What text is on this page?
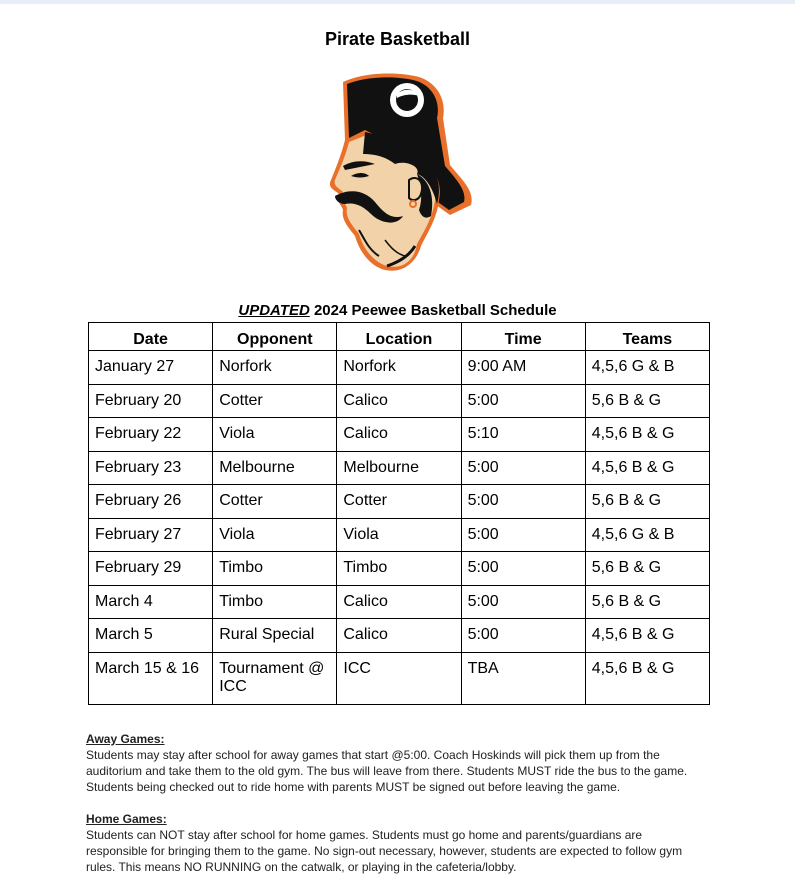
Pirate Basketball
UPDATED 2024 Peewee Basketball Schedule
Date	Opponent	Location	Time	Teams
January 27	Norfork	Norfork	9:00 AM	4,5,6 G & B
February 20	Cotter	Calico	5:00	5,6 B & G
February 22	Viola	Calico	5:10	4,5,6 B & G
February 23	Melbourne	Melbourne	5:00	4,5,6 B & G
February 26	Cotter	Cotter	5:00	5,6 B & G
February 27	Viola	Viola	5:00	4,5,6 G & B
February 29	Timbo	Timbo	5:00	5,6 B & G
March 4	Timbo	Calico	5:00	5,6 B & G
March 5	Rural Special	Calico	5:00	4,5,6 B & G
March 15 & 16	Tournament @ ICC	ICC	TBA	4,5,6 B & G

Away Games:

Students may stay after school for away games that start @5:00. Coach Hoskinds will pick them up from the

auditorium and take them to the old gym. The bus will leave from there. Students MUST ride the bus to the game.

Students being checked out to ride home with parents MUST be signed out before leaving the game.

Home Games:

Students can NOT stay after school for home games. Students must go home and parents/guardians are

responsible for bringing them to the game. No sign-out necessary, however, students are expected to follow gym

rules. This means NO RUNNING on the catwalk, or playing in the cafeteria/lobby.
